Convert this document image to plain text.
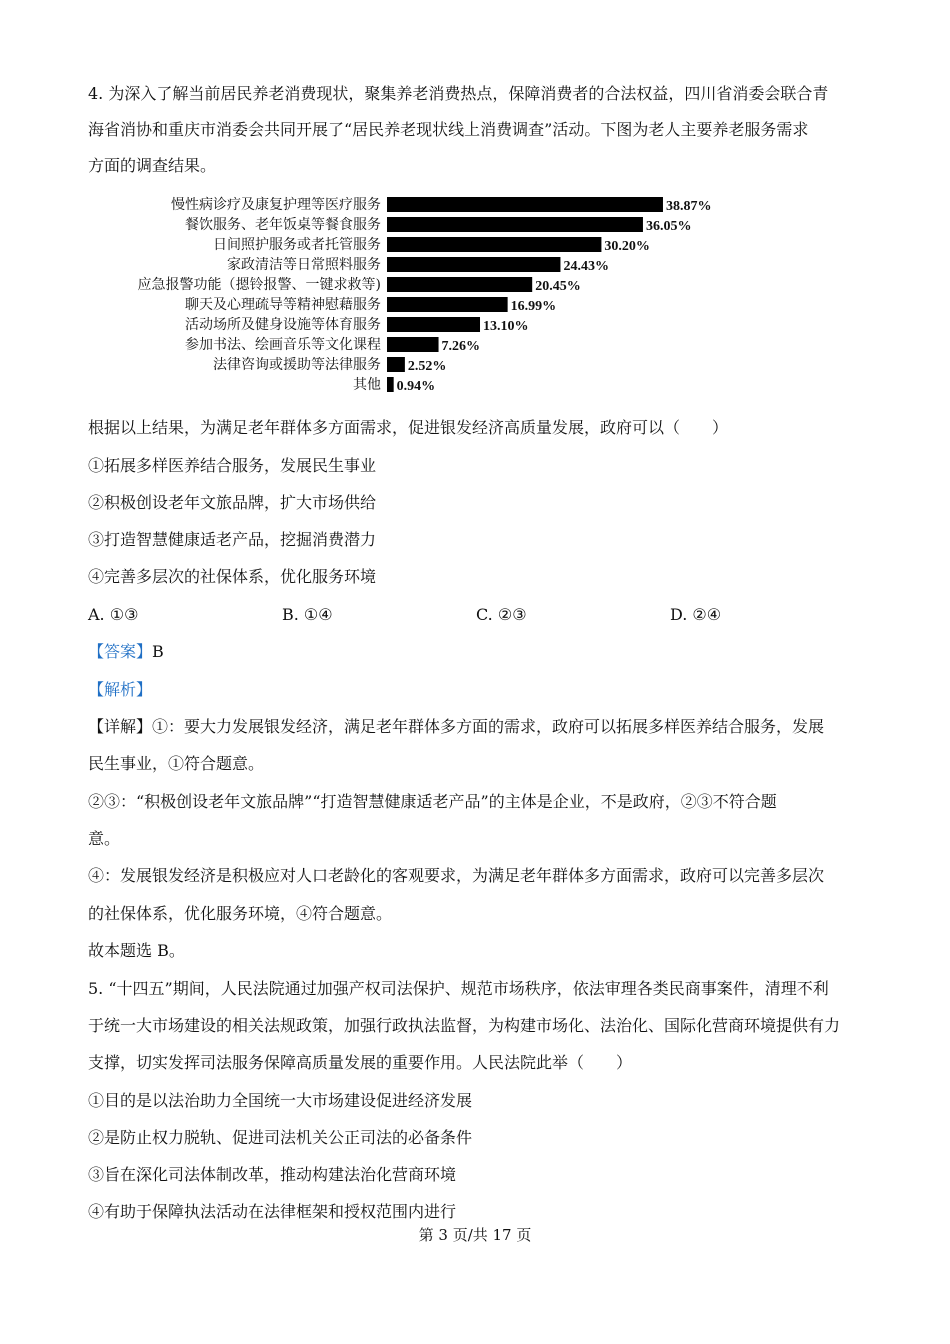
4. 为深入了解当前居民养老消费现状，聚集养老消费热点，保障消费者的合法权益，四川省消委会联合青
海省消协和重庆市消委会共同开展了“居民养老现状线上消费调查”活动。下图为老人主要养老服务需求
方面的调查结果。
慢性病诊疗及康复护理等医疗服务
餐饮服务、老年饭桌等餐食服务
日间照护服务或者托管服务
家政清洁等日常照料服务
应急报警功能（摁铃报警、一键求救等)
聊天及心理疏导等精神慰藉服务
活动场所及健身设施等体育服务
参加书法、绘画音乐等文化课程
法律咨询或援助等法律服务
其他
38.87%
36.05%
30.20%
24.43%
20.45%
16.99%
13.10%
7.26%
2.52%
0.94%
根据以上结果，为满足老年群体多方面需求，促进银发经济高质量发展，政府可以（　　）
①拓展多样医养结合服务，发展民生事业
②积极创设老年文旅品牌，扩大市场供给
③打造智慧健康适老产品，挖掘消费潜力
④完善多层次的社保体系，优化服务环境
A. ①③	B. ①④	C. ②③	D. ②④
【答案】B
【解析】
【详解】①：要大力发展银发经济，满足老年群体多方面的需求，政府可以拓展多样医养结合服务，发展
民生事业，①符合题意。
②③：“积极创设老年文旅品牌”“打造智慧健康适老产品”的主体是企业，不是政府，②③不符合题
意。
④：发展银发经济是积极应对人口老龄化的客观要求，为满足老年群体多方面需求，政府可以完善多层次
的社保体系，优化服务环境，④符合题意。
故本题选 B。
5. “十四五”期间，人民法院通过加强产权司法保护、规范市场秩序，依法审理各类民商事案件，清理不利
于统一大市场建设的相关法规政策，加强行政执法监督，为构建市场化、法治化、国际化营商环境提供有力
支撑，切实发挥司法服务保障高质量发展的重要作用。人民法院此举（　　）
①目的是以法治助力全国统一大市场建设促进经济发展
②是防止权力脱轨、促进司法机关公正司法的必备条件
③旨在深化司法体制改革，推动构建法治化营商环境
④有助于保障执法活动在法律框架和授权范围内进行
第 3 页/共 17 页
